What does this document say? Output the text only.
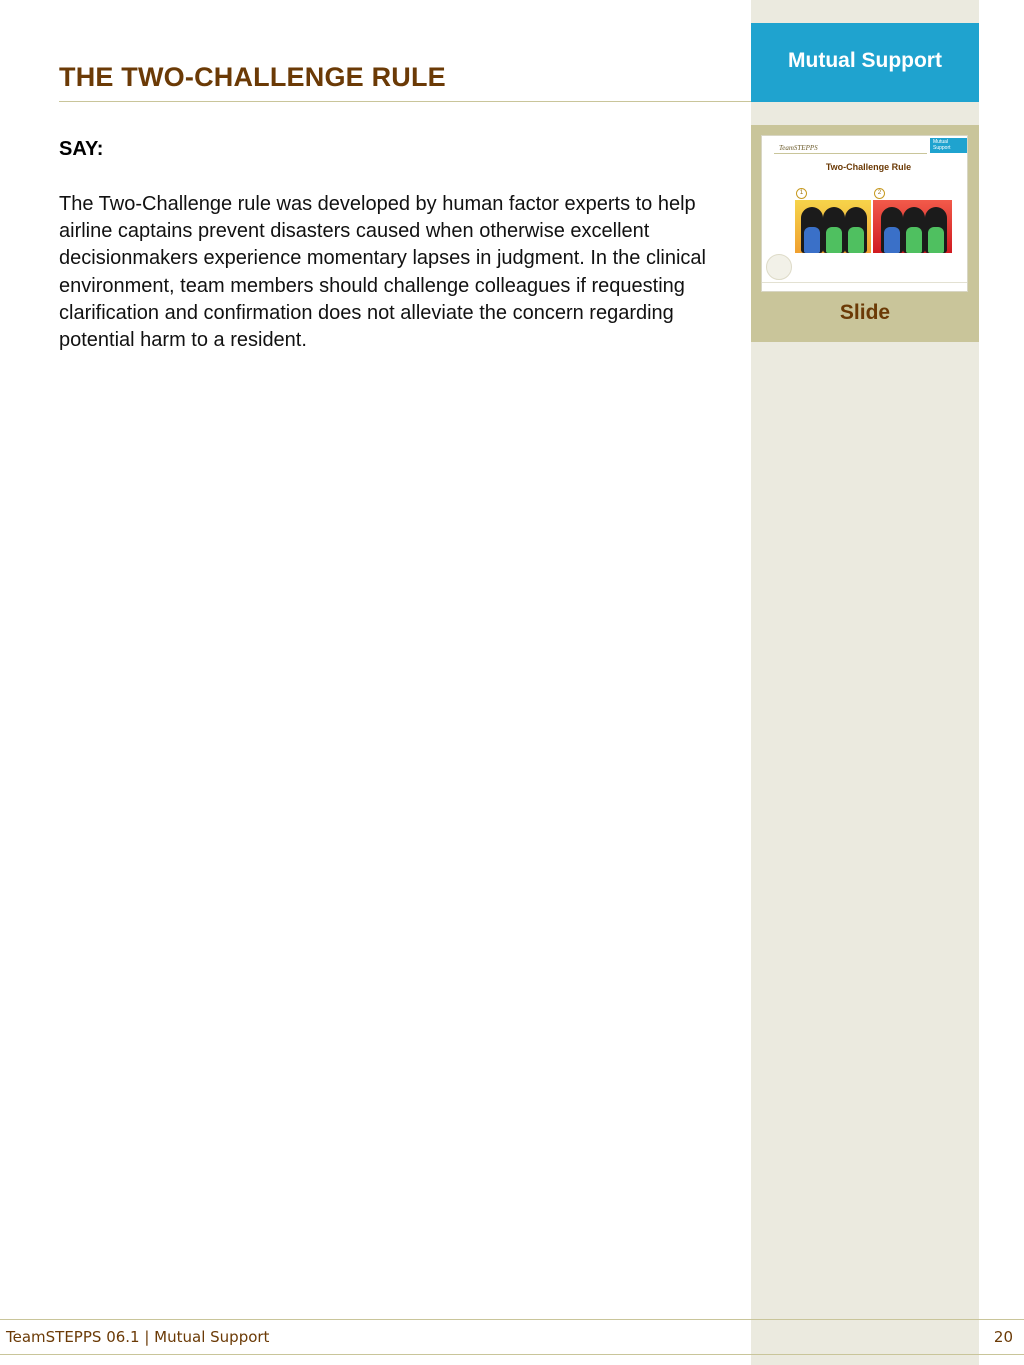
Mutual Support
THE TWO-CHALLENGE RULE

SAY:

The Two-Challenge rule was developed by human factor experts to help airline captains prevent disasters caused when otherwise excellent decisionmakers experience momentary lapses in judgment. In the clinical environment, team members should challenge colleagues if requesting clarification and confirmation does not alleviate the concern regarding potential harm to a resident.

TeamSTEPPS
Mutual Support
Two-Challenge Rule
1	2
Slide
TeamSTEPPS 06.1 | Mutual Support	20
